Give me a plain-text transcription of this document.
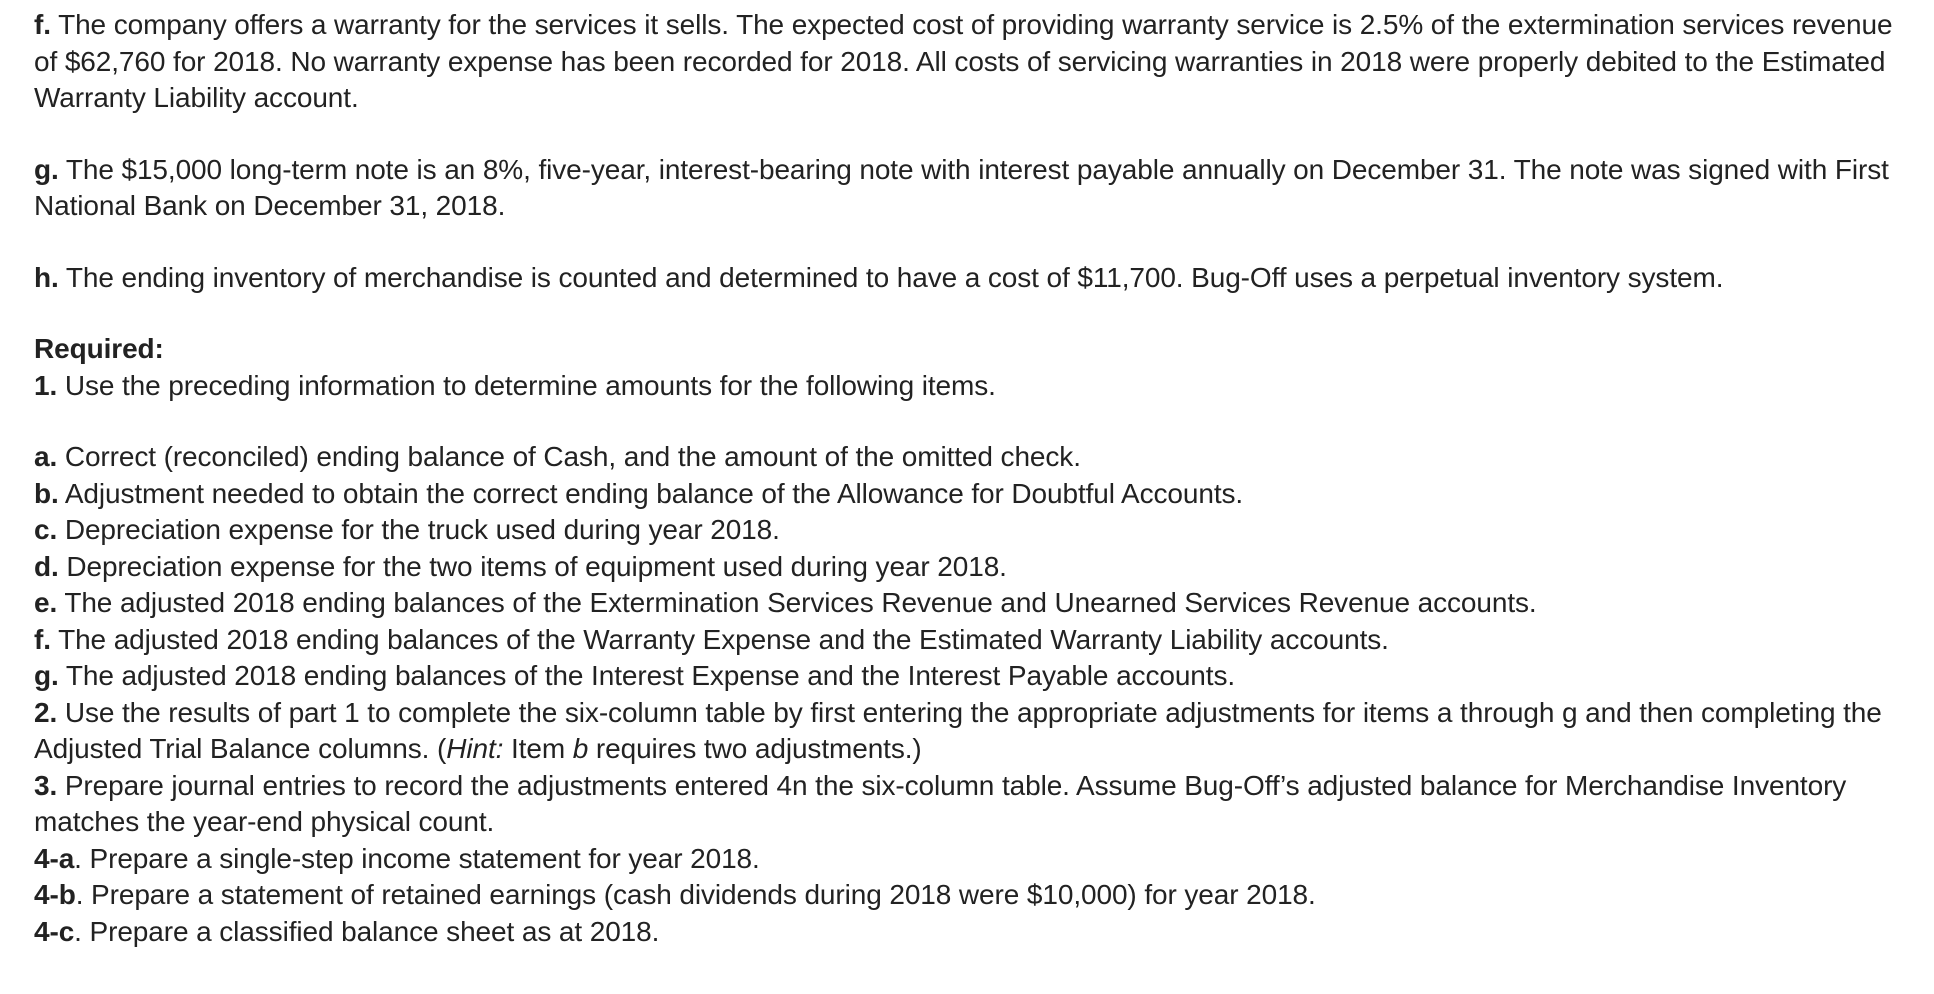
f. The company offers a warranty for the services it sells. The expected cost of providing warranty service is 2.5% of the extermination services revenue of $62,760 for 2018. No warranty expense has been recorded for 2018. All costs of servicing warranties in 2018 were properly debited to the Estimated Warranty Liability account.

g. The $15,000 long-term note is an 8%, five-year, interest-bearing note with interest payable annually on December 31. The note was signed with First National Bank on December 31, 2018.

h. The ending inventory of merchandise is counted and determined to have a cost of $11,700. Bug-Off uses a perpetual inventory system.

Required:

1. Use the preceding information to determine amounts for the following items.

a. Correct (reconciled) ending balance of Cash, and the amount of the omitted check.

b. Adjustment needed to obtain the correct ending balance of the Allowance for Doubtful Accounts.

c. Depreciation expense for the truck used during year 2018.

d. Depreciation expense for the two items of equipment used during year 2018.

e. The adjusted 2018 ending balances of the Extermination Services Revenue and Unearned Services Revenue accounts.

f. The adjusted 2018 ending balances of the Warranty Expense and the Estimated Warranty Liability accounts.

g. The adjusted 2018 ending balances of the Interest Expense and the Interest Payable accounts.

2. Use the results of part 1 to complete the six-column table by first entering the appropriate adjustments for items a through g and then completing the Adjusted Trial Balance columns. (Hint: Item b requires two adjustments.)

3. Prepare journal entries to record the adjustments entered 4n the six-column table. Assume Bug-Off’s adjusted balance for Merchandise Inventory matches the year-end physical count.

4-a. Prepare a single-step income statement for year 2018.

4-b. Prepare a statement of retained earnings (cash dividends during 2018 were $10,000) for year 2018.

4-c. Prepare a classified balance sheet as at 2018.
